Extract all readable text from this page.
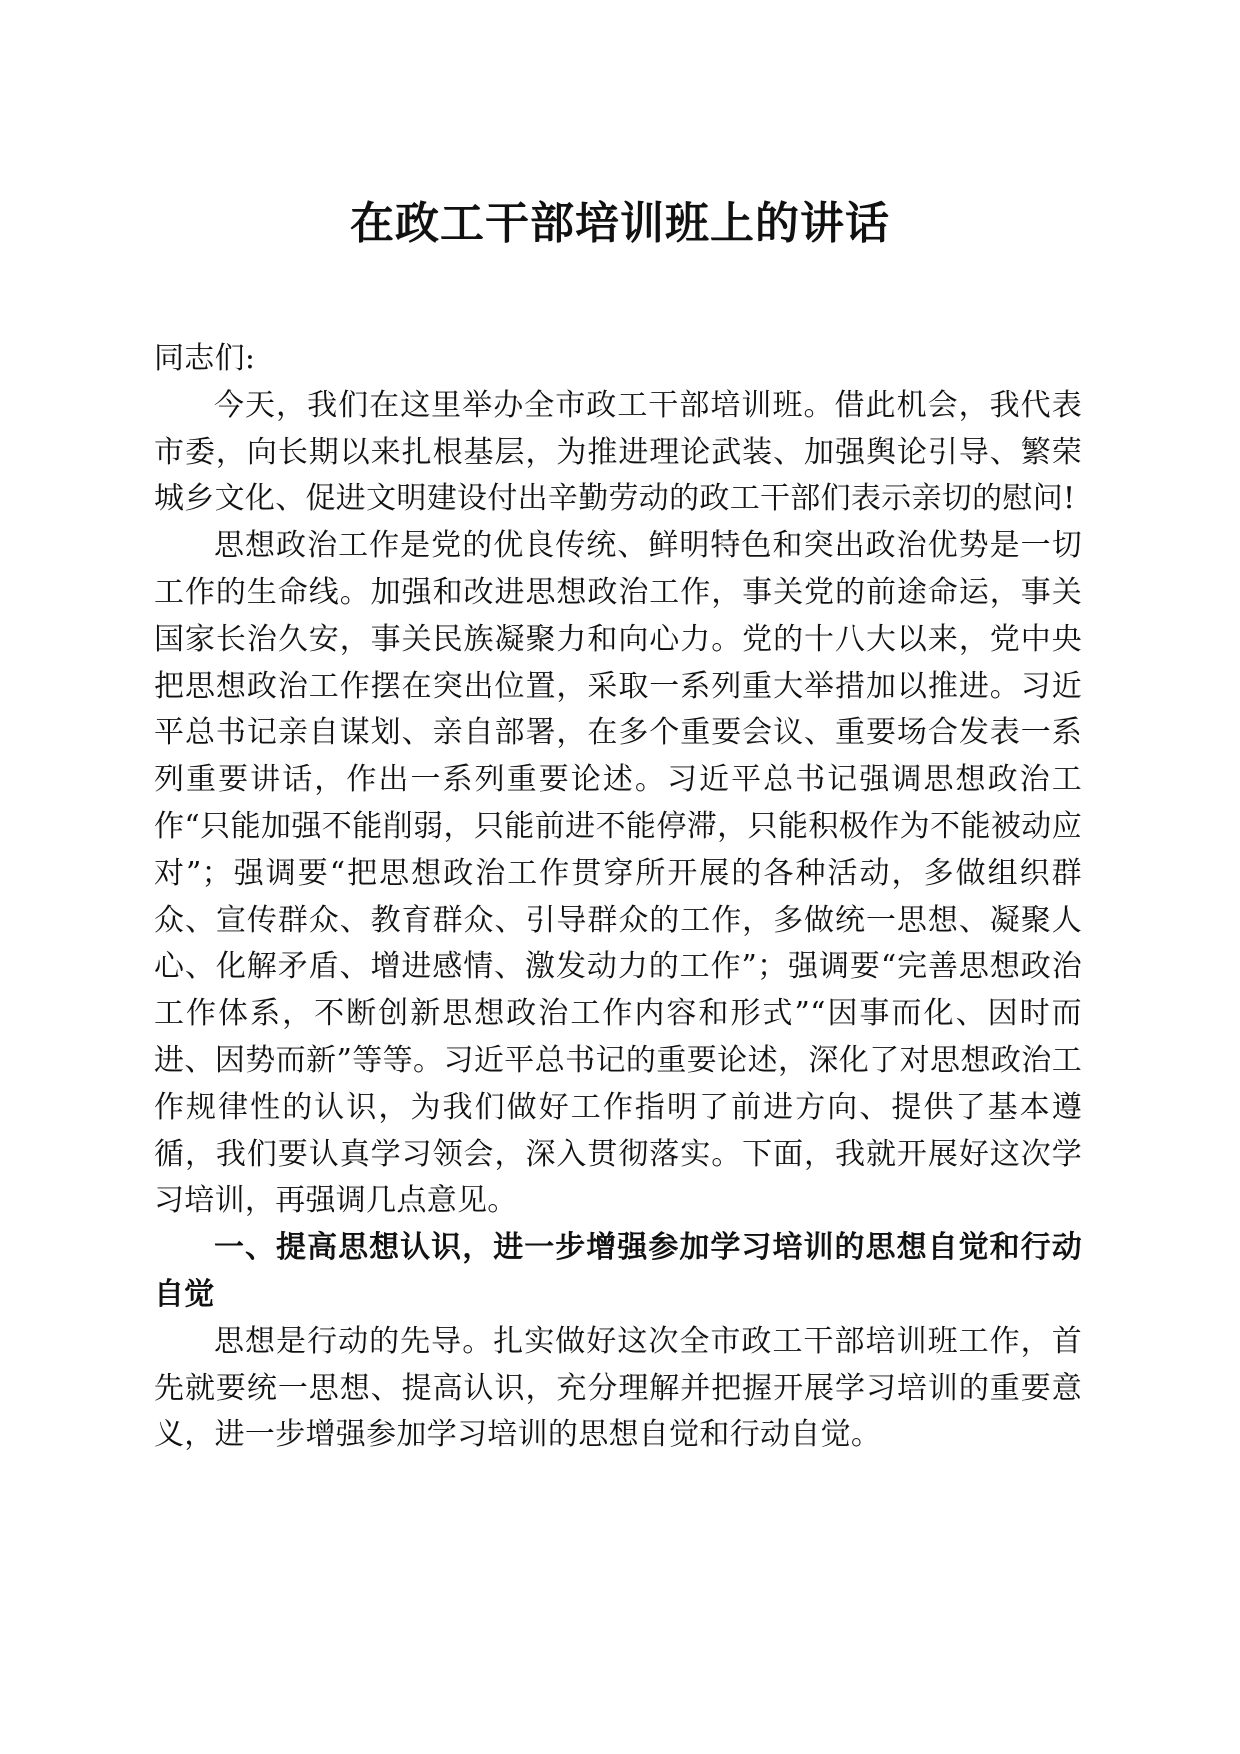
在政工干部培训班上的讲话

同志们:

今天，我们在这里举办全市政工干部培训班。借此机会，我代表市委，向长期以来扎根基层，为推进理论武装、加强舆论引导、繁荣城乡文化、促进文明建设付出辛勤劳动的政工干部们表示亲切的慰问!

思想政治工作是党的优良传统、鲜明特色和突出政治优势是一切工作的生命线。加强和改进思想政治工作，事关党的前途命运，事关国家长治久安，事关民族凝聚力和向心力。党的十八大以来，党中央把思想政治工作摆在突出位置，采取一系列重大举措加以推进。习近平总书记亲自谋划、亲自部署，在多个重要会议、重要场合发表一系列重要讲话，作出一系列重要论述。习近平总书记强调思想政治工作“只能加强不能削弱，只能前进不能停滞，只能积极作为不能被动应对”；强调要“把思想政治工作贯穿所开展的各种活动，多做组织群众、宣传群众、教育群众、引导群众的工作，多做统一思想、凝聚人心、化解矛盾、增进感情、激发动力的工作”；强调要“完善思想政治工作体系，不断创新思想政治工作内容和形式”“因事而化、因时而进、因势而新”等等。习近平总书记的重要论述，深化了对思想政治工作规律性的认识，为我们做好工作指明了前进方向、提供了基本遵循，我们要认真学习领会，深入贯彻落实。下面，我就开展好这次学习培训，再强调几点意见。

一、提高思想认识，进一步增强参加学习培训的思想自觉和行动自觉

思想是行动的先导。扎实做好这次全市政工干部培训班工作，首先就要统一思想、提高认识，充分理解并把握开展学习培训的重要意义，进一步增强参加学习培训的思想自觉和行动自觉。
